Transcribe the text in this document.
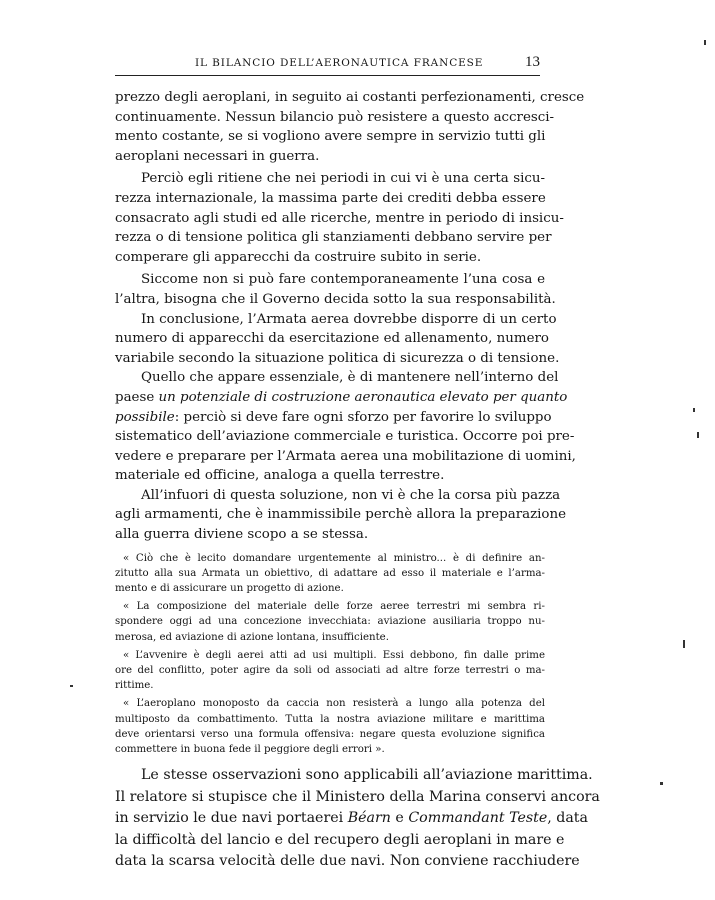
IL BILANCIO DELL’AERONAUTICA FRANCESE	13
prezzo degli aeroplani, in seguito ai costanti perfezionamenti, cresce
continuamente. Nessun bilancio può resistere a questo accresci-
mento costante, se si vogliono avere sempre in servizio tutti gli
aeroplani necessari in guerra.
Perciò egli ritiene che nei periodi in cui vi è una certa sicu-
rezza internazionale, la massima parte dei crediti debba essere
consacrato agli studi ed alle ricerche, mentre in periodo di insicu-
rezza o di tensione politica gli stanziamenti debbano servire per
comperare gli apparecchi da costruire subito in serie.
Siccome non si può fare contemporaneamente l’una cosa e
l’altra, bisogna che il Governo decida sotto la sua responsabilità.
In conclusione, l’Armata aerea dovrebbe disporre di un certo
numero di apparecchi da esercitazione ed allenamento, numero
variabile secondo la situazione politica di sicurezza o di tensione.
Quello che appare essenziale, è di mantenere nell’interno del
paese un potenziale di costruzione aeronautica elevato per quanto
possibile: perciò si deve fare ogni sforzo per favorire lo sviluppo
sistematico dell’aviazione commerciale e turistica. Occorre poi pre-
vedere e preparare per l’Armata aerea una mobilitazione di uomini,
materiale ed officine, analoga a quella terrestre.
All’infuori di questa soluzione, non vi è che la corsa più pazza
agli armamenti, che è inammissibile perchè allora la preparazione
alla guerra diviene scopo a se stessa.
« Ciò che è lecito domandare urgentemente al ministro... è di definire an-
zitutto alla sua Armata un obiettivo, di adattare ad esso il materiale e l’arma-
mento e di assicurare un progetto di azione.
« La composizione del materiale delle forze aeree terrestri mi sembra ri-
spondere oggi ad una concezione invecchiata: aviazione ausiliaria troppo nu-
merosa, ed aviazione di azione lontana, insufficiente.
« L’avvenire è degli aerei atti ad usi multipli. Essi debbono, fin dalle prime
ore del conflitto, poter agire da soli od associati ad altre forze terrestri o ma-
rittime.
« L’aeroplano monoposto da caccia non resisterà a lungo alla potenza del
multiposto da combattimento. Tutta la nostra aviazione militare e marittima
deve orientarsi verso una formula offensiva: negare questa evoluzione significa
commettere in buona fede il peggiore degli errori ».
Le stesse osservazioni sono applicabili all’aviazione marittima.
Il relatore si stupisce che il Ministero della Marina conservi ancora
in servizio le due navi portaerei Béarn e Commandant Teste, data
la difficoltà del lancio e del recupero degli aeroplani in mare e
data la scarsa velocità delle due navi. Non conviene racchiudere
